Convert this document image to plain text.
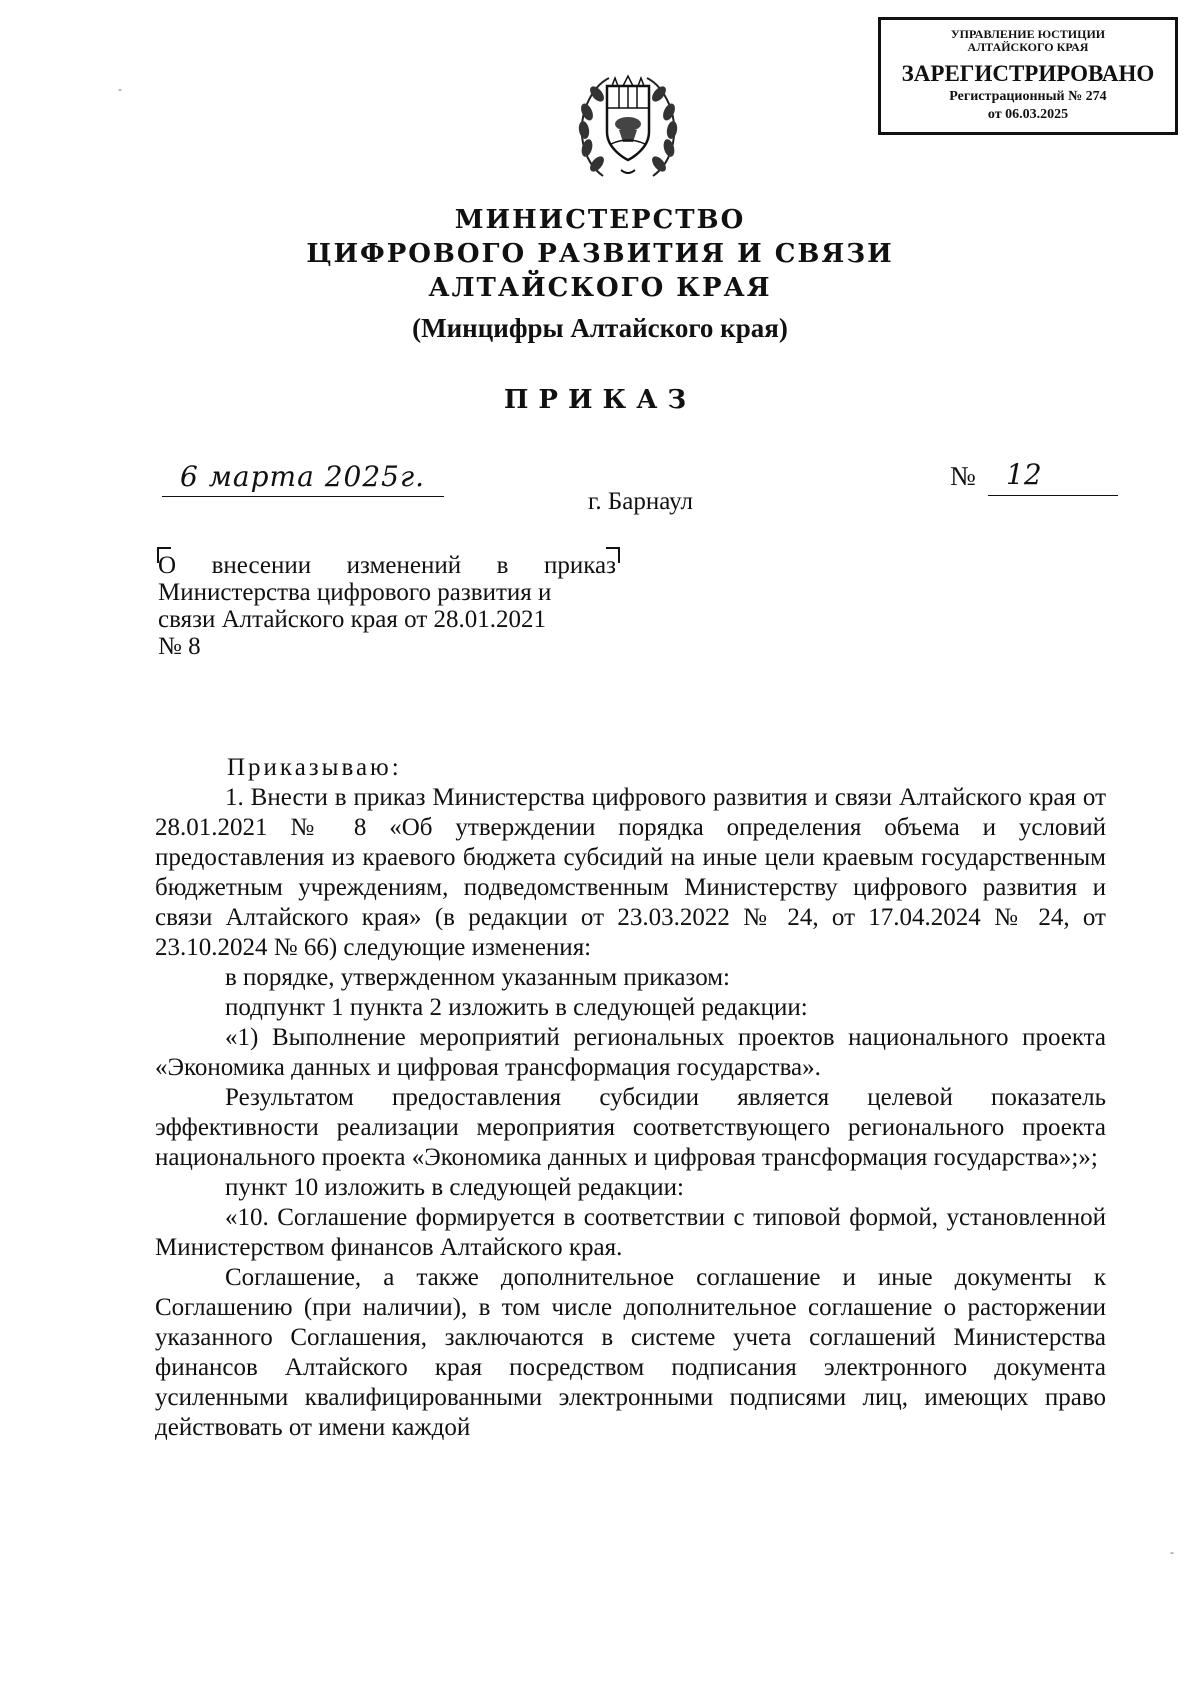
УПРАВЛЕНИЕ ЮСТИЦИИ
АЛТАЙСКОГО КРАЯ
ЗАРЕГИСТРИРОВАНО
Регистрационный № 274
от 06.03.2025
-
-
МИНИСТЕРСТВО
ЦИФРОВОГО РАЗВИТИЯ И СВЯЗИ
АЛТАЙСКОГО КРАЯ
(Минцифры Алтайского края)
ПРИКАЗ
6 марта 2025г.
г. Барнаул
№ 12
О внесении изменений в приказ
Министерства цифрового развития и
связи Алтайского края от 28.01.2021
№ 8

Приказываю:

1. Внести в приказ Министерства цифрового развития и связи Алтайского края от 28.01.2021 № 8 «Об утверждении порядка определения объема и условий предоставления из краевого бюджета субсидий на иные цели краевым государственным бюджетным учреждениям, подведомственным Министерству цифрового развития и связи Алтайского края» (в редакции от 23.03.2022 № 24, от 17.04.2024 № 24, от 23.10.2024 № 66) следующие изменения:

в порядке, утвержденном указанным приказом:

подпункт 1 пункта 2 изложить в следующей редакции:

«1) Выполнение мероприятий региональных проектов национального проекта «Экономика данных и цифровая трансформация государства».

Результатом предоставления субсидии является целевой показатель эффективности реализации мероприятия соответствующего регионального проекта национального проекта «Экономика данных и цифровая трансформация государства»;»;

пункт 10 изложить в следующей редакции:

«10. Соглашение формируется в соответствии с типовой формой, установленной Министерством финансов Алтайского края.

Соглашение, а также дополнительное соглашение и иные документы к Соглашению (при наличии), в том числе дополнительное соглашение о расторжении указанного Соглашения, заключаются в системе учета соглашений Министерства финансов Алтайского края посредством подписания электронного документа усиленными квалифицированными электронными подписями лиц, имеющих право действовать от имени каждой
